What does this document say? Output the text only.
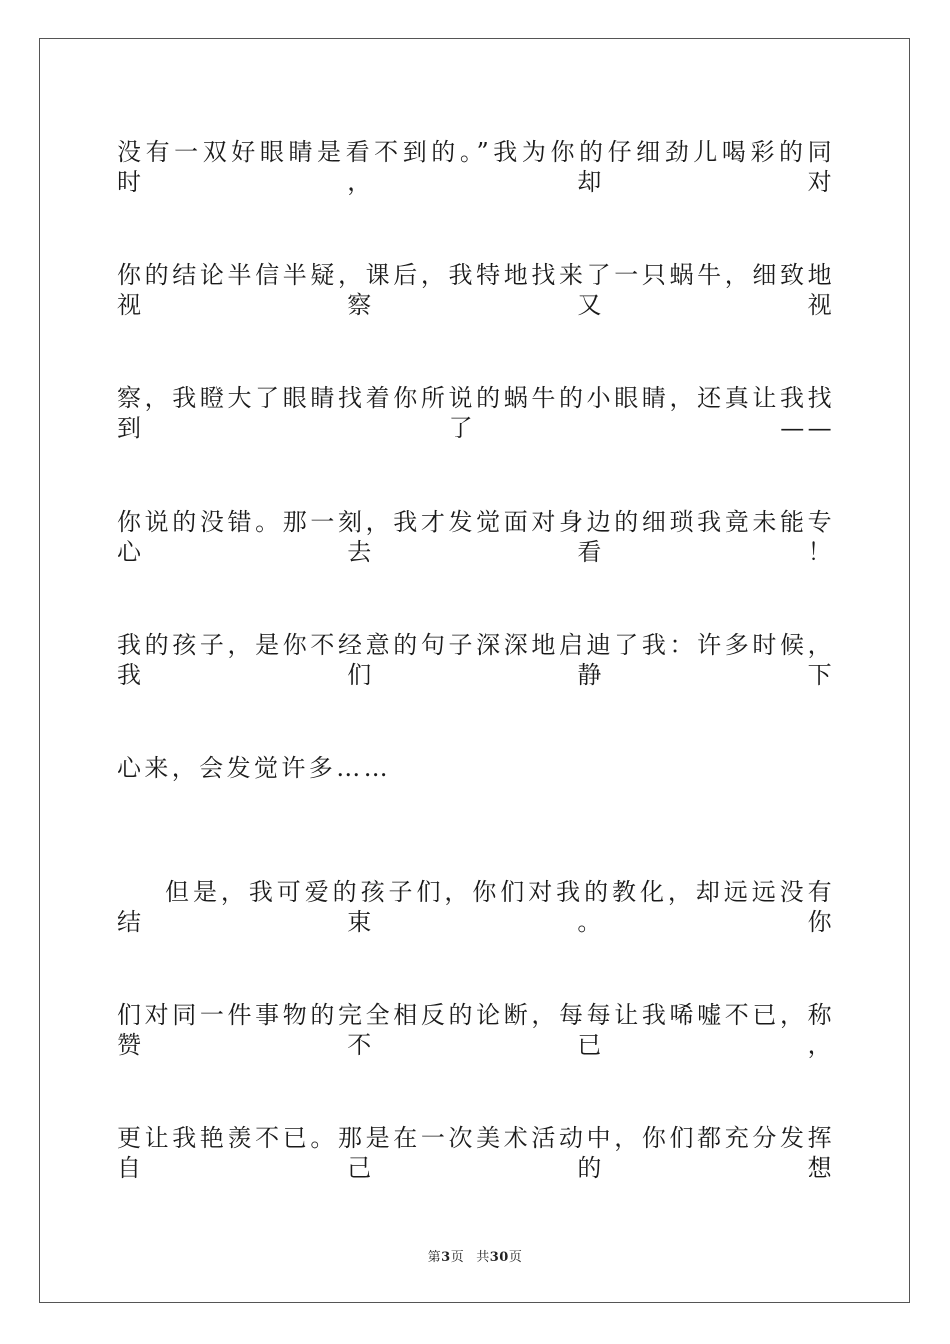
没有一双好眼睛是看不到的。”我为你的仔细劲儿喝彩的同时，却对
你的结论半信半疑，课后，我特地找来了一只蜗牛，细致地视察又视
察，我瞪大了眼睛找着你所说的蜗牛的小眼睛，还真让我找到了——
你说的没错。那一刻，我才发觉面对身边的细琐我竟未能专心去看！
我的孩子，是你不经意的句子深深地启迪了我：许多时候，我们静下
心来，会发觉许多……
但是，我可爱的孩子们，你们对我的教化，却远远没有结束。你
们对同一件事物的完全相反的论断，每每让我唏嘘不已，称赞不已，
更让我艳羡不已。那是在一次美术活动中，你们都充分发挥自己的想
第3页 共30页
